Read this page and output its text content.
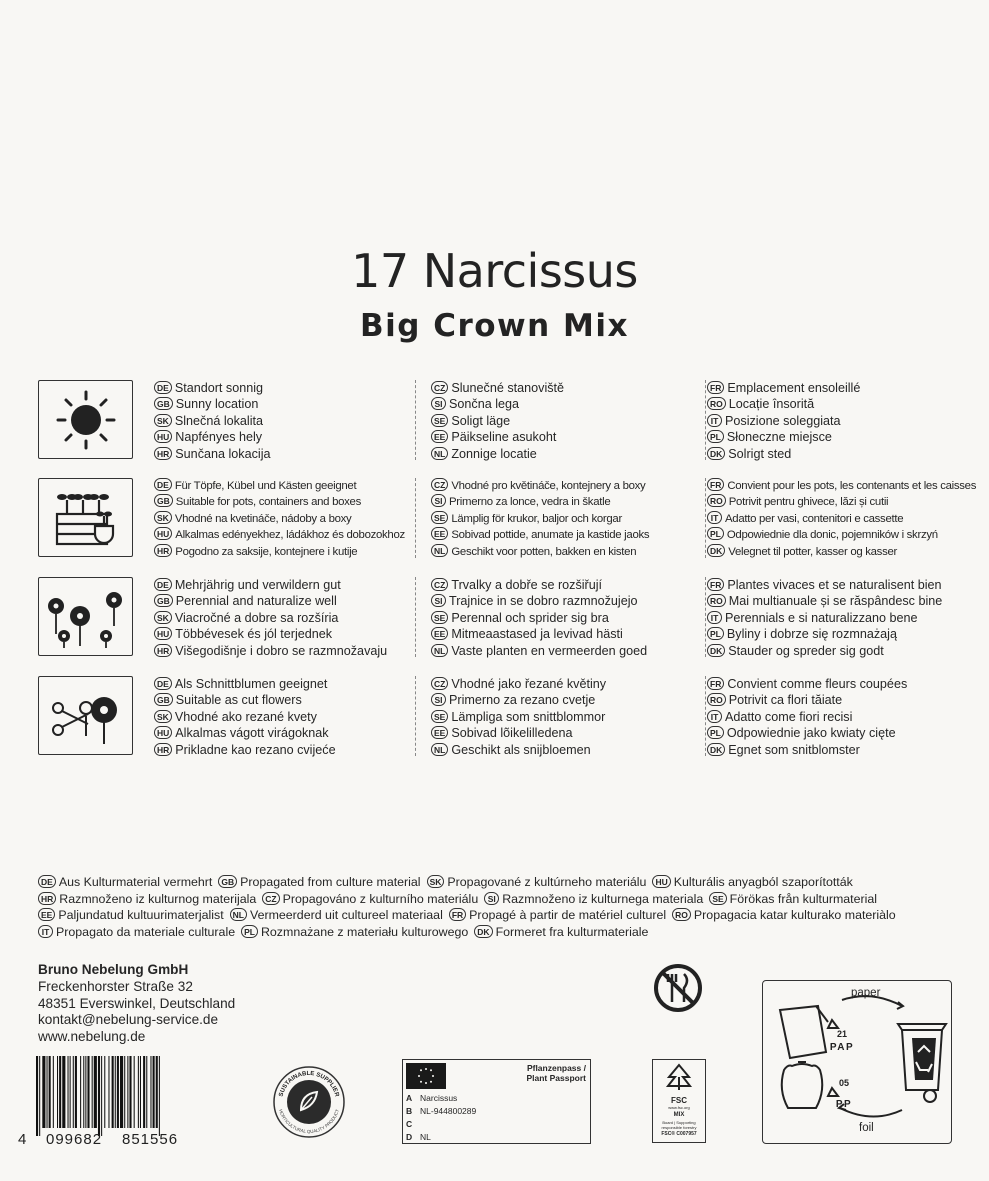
17 Narcissus
Big Crown Mix
DE Standort sonnig
GB Sunny location
SK Slnečná lokalita
HU Napfényes hely
HR Sunčana lokacija
CZ Slunečné stanoviště
SI Sončna lega
SE Soligt läge
EE Päikseline asukoht
NL Zonnige locatie
FR Emplacement ensoleillé
RO Locație însorită
IT Posizione soleggiata
PL Słoneczne miejsce
DK Solrigt sted
DE Für Töpfe, Kübel und Kästen geeignet
GB Suitable for pots, containers and boxes
SK Vhodné na kvetináče, nádoby a boxy
HU Alkalmas edényekhez, ládákhoz és dobozokhoz
HR Pogodno za saksije, kontejnere i kutije
CZ Vhodné pro květináče, kontejnery a boxy
SI Primerno za lonce, vedra in škatle
SE Lämplig för krukor, baljor och korgar
EE Sobivad pottide, anumate ja kastide jaoks
NL Geschikt voor potten, bakken en kisten
FR Convient pour les pots, les contenants et les caisses
RO Potrivit pentru ghivece, lăzi și cutii
IT Adatto per vasi, contenitori e cassette
PL Odpowiednie dla donic, pojemników i skrzyń
DK Velegnet til potter, kasser og kasser
DE Mehrjährig und verwildern gut
GB Perennial and naturalize well
SK Viacročné a dobre sa rozšíria
HU Többévesek és jól terjednek
HR Višegodišnje i dobro se razmnožavaju
CZ Trvalky a dobře se rozšiřují
SI Trajnice in se dobro razmnožujejo
SE Perennal och sprider sig bra
EE Mitmeaastased ja levivad hästi
NL Vaste planten en vermeerden goed
FR Plantes vivaces et se naturalisent bien
RO Mai multianuale și se răspândesc bine
IT Perennials e si naturalizzano bene
PL Byliny i dobrze się rozmnażają
DK Stauder og spreder sig godt
DE Als Schnittblumen geeignet
GB Suitable as cut flowers
SK Vhodné ako rezané kvety
HU Alkalmas vágott virágoknak
HR Prikladne kao rezano cvijeće
CZ Vhodné jako řezané květiny
SI Primerno za rezano cvetje
SE Lämpliga som snittblommor
EE Sobivad lõikelilledena
NL Geschikt als snijbloemen
FR Convient comme fleurs coupées
RO Potrivit ca flori tăiate
IT Adatto come fiori recisi
PL Odpowiednie jako kwiaty cięte
DK Egnet som snitblomster
DE Aus Kulturmaterial vermehrt GB Propagated from culture material SK Propagované z kultúrneho materiálu HU Kulturális anyagból szaporították
HR Razmnoženo iz kulturnog materijala CZ Propagováno z kulturního materiálu SI Razmnoženo iz kulturnega materiala SE Förökas från kulturmaterial
EE Paljundatud kultuurimaterjalist NL Vermeerderd uit cultureel materiaal FR Propagé à partir de matériel culturel RO Propagacia katar kulturako materiàlo
IT Propagato da materiale culturale PL Rozmnażane z materiału kulturowego DK Formeret fra kulturmateriale
Bruno Nebelung GmbH
Freckenhorster Straße 32
48351 Everswinkel, Deutschland
kontakt@nebelung-service.de
www.nebelung.de
4 099682 851556
SUSTAINABLE SUPPLIER
HORTICULTURAL QUALITY PRODUCT
Pflanzenpass /
Plant Passport
A Narcissus
B NL-944800289
C
D NL
FSC
www.fsc.org
MIX
Board | Supporting
responsible forestry
FSC® C007957
paper
foil
21
PAP
05
PP
